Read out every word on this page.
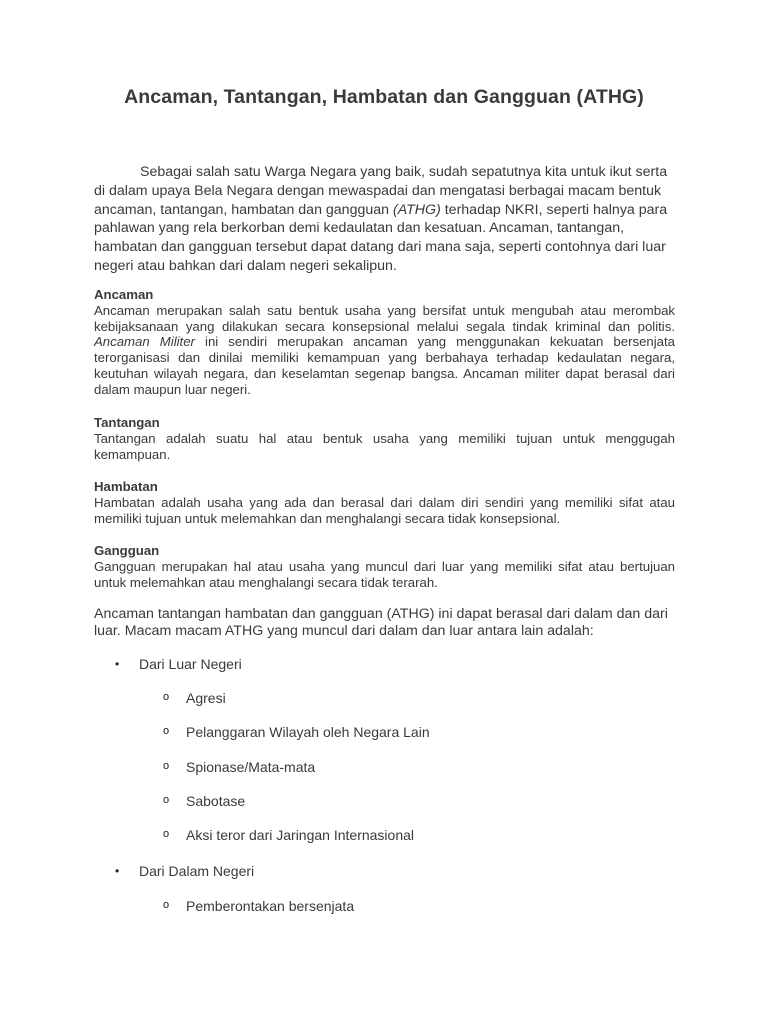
Ancaman, Tantangan, Hambatan dan Gangguan (ATHG)

Sebagai salah satu Warga Negara yang baik, sudah sepatutnya kita untuk ikut serta di dalam upaya Bela Negara dengan mewaspadai dan mengatasi berbagai macam bentuk ancaman, tantangan, hambatan dan gangguan (ATHG) terhadap NKRI, seperti halnya para pahlawan yang rela berkorban demi kedaulatan dan kesatuan. Ancaman, tantangan, hambatan dan gangguan tersebut dapat datang dari mana saja, seperti contohnya dari luar negeri atau bahkan dari dalam negeri sekalipun.

Ancaman
Ancaman merupakan salah satu bentuk usaha yang bersifat untuk mengubah atau merombak kebijaksanaan yang dilakukan secara konsepsional melalui segala tindak kriminal dan politis. Ancaman Militer ini sendiri merupakan ancaman yang menggunakan kekuatan bersenjata terorganisasi dan dinilai memiliki kemampuan yang berbahaya terhadap kedaulatan negara, keutuhan wilayah negara, dan keselamtan segenap bangsa. Ancaman militer dapat berasal dari dalam maupun luar negeri.
Tantangan
Tantangan adalah suatu hal atau bentuk usaha yang memiliki tujuan untuk menggugah kemampuan.
Hambatan
Hambatan adalah usaha yang ada dan berasal dari dalam diri sendiri yang memiliki sifat atau memiliki tujuan untuk melemahkan dan menghalangi secara tidak konsepsional.
Gangguan
Gangguan merupakan hal atau usaha yang muncul dari luar yang memiliki sifat atau bertujuan untuk melemahkan atau menghalangi secara tidak terarah.
Ancaman tantangan hambatan dan gangguan (ATHG) ini dapat berasal dari dalam dan dari luar. Macam macam ATHG yang muncul dari dalam dan luar antara lain adalah:
• Dari Luar Negeri
o Agresi
o Pelanggaran Wilayah oleh Negara Lain
o Spionase/Mata-mata
o Sabotase
o Aksi teror dari Jaringan Internasional
• Dari Dalam Negeri
o Pemberontakan bersenjata
